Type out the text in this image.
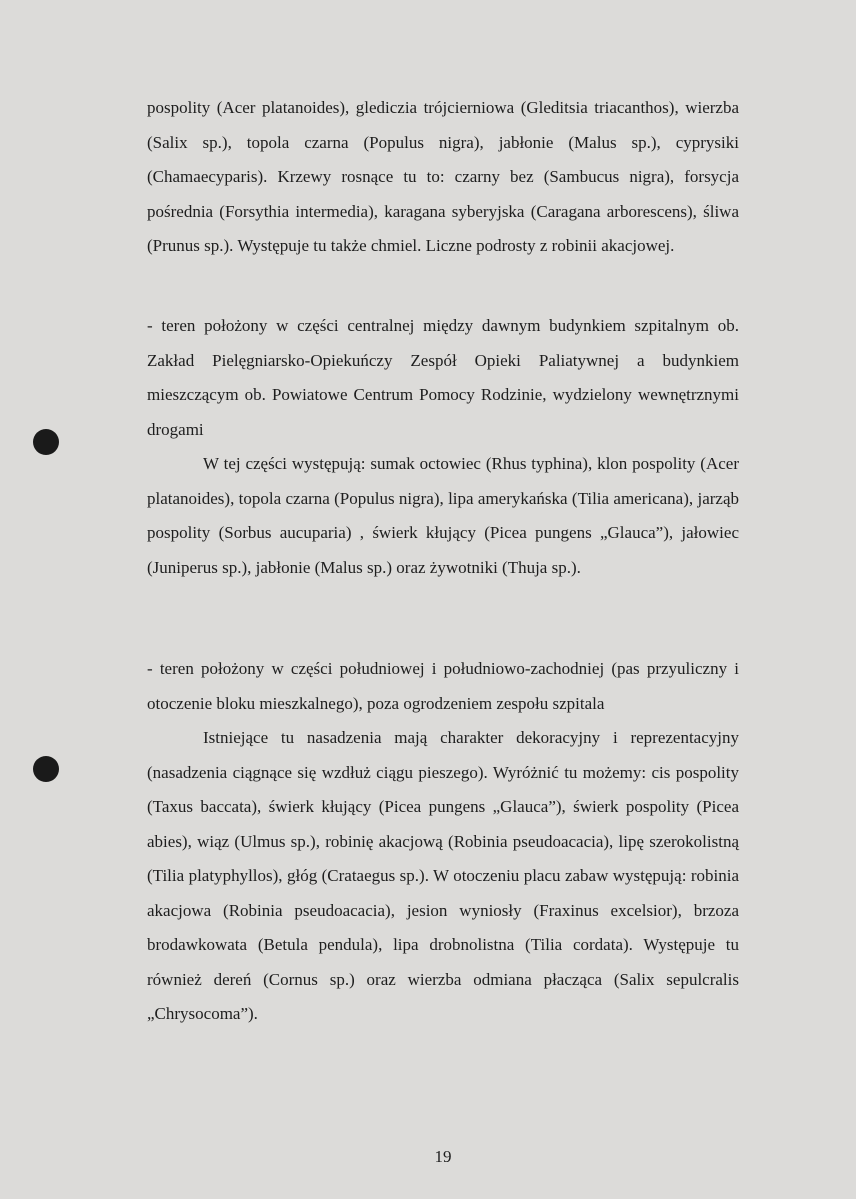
pospolity (Acer platanoides), glediczia trójcierniowa (Gleditsia triacanthos), wierzba (Salix sp.), topola czarna (Populus nigra), jabłonie (Malus sp.), cyprysiki (Chamaecyparis). Krzewy rosnące tu to: czarny bez (Sambucus nigra), forsycja pośrednia (Forsythia intermedia), karagana syberyjska (Caragana arborescens), śliwa (Prunus sp.). Występuje tu także chmiel. Liczne podrosty z robinii akacjowej.

- teren położony w części centralnej między dawnym budynkiem szpitalnym ob. Zakład Pielęgniarsko-Opiekuńczy Zespół Opieki Paliatywnej a budynkiem mieszczącym ob. Powiatowe Centrum Pomocy Rodzinie, wydzielony wewnętrznymi drogami

W tej części występują: sumak octowiec (Rhus typhina), klon pospolity (Acer platanoides), topola czarna (Populus nigra), lipa amerykańska (Tilia americana), jarząb pospolity (Sorbus aucuparia) , świerk kłujący (Picea pungens „Glauca”), jałowiec (Juniperus sp.), jabłonie (Malus sp.) oraz żywotniki (Thuja sp.).

- teren położony w części południowej i południowo-zachodniej (pas przyuliczny i otoczenie bloku mieszkalnego), poza ogrodzeniem zespołu szpitala

Istniejące tu nasadzenia mają charakter dekoracyjny i reprezentacyjny (nasadzenia ciągnące się wzdłuż ciągu pieszego). Wyróżnić tu możemy: cis pospolity (Taxus baccata), świerk kłujący (Picea pungens „Glauca”), świerk pospolity (Picea abies), wiąz (Ulmus sp.), robinię akacjową (Robinia pseudoacacia), lipę szerokolistną (Tilia platyphyllos), głóg (Crataegus sp.). W otoczeniu placu zabaw występują: robinia akacjowa (Robinia pseudoacacia), jesion wyniosły (Fraxinus excelsior), brzoza brodawkowata (Betula pendula), lipa drobnolistna (Tilia cordata). Występuje tu również dereń (Cornus sp.) oraz wierzba odmiana płacząca (Salix sepulcralis „Chrysocoma”).

19
